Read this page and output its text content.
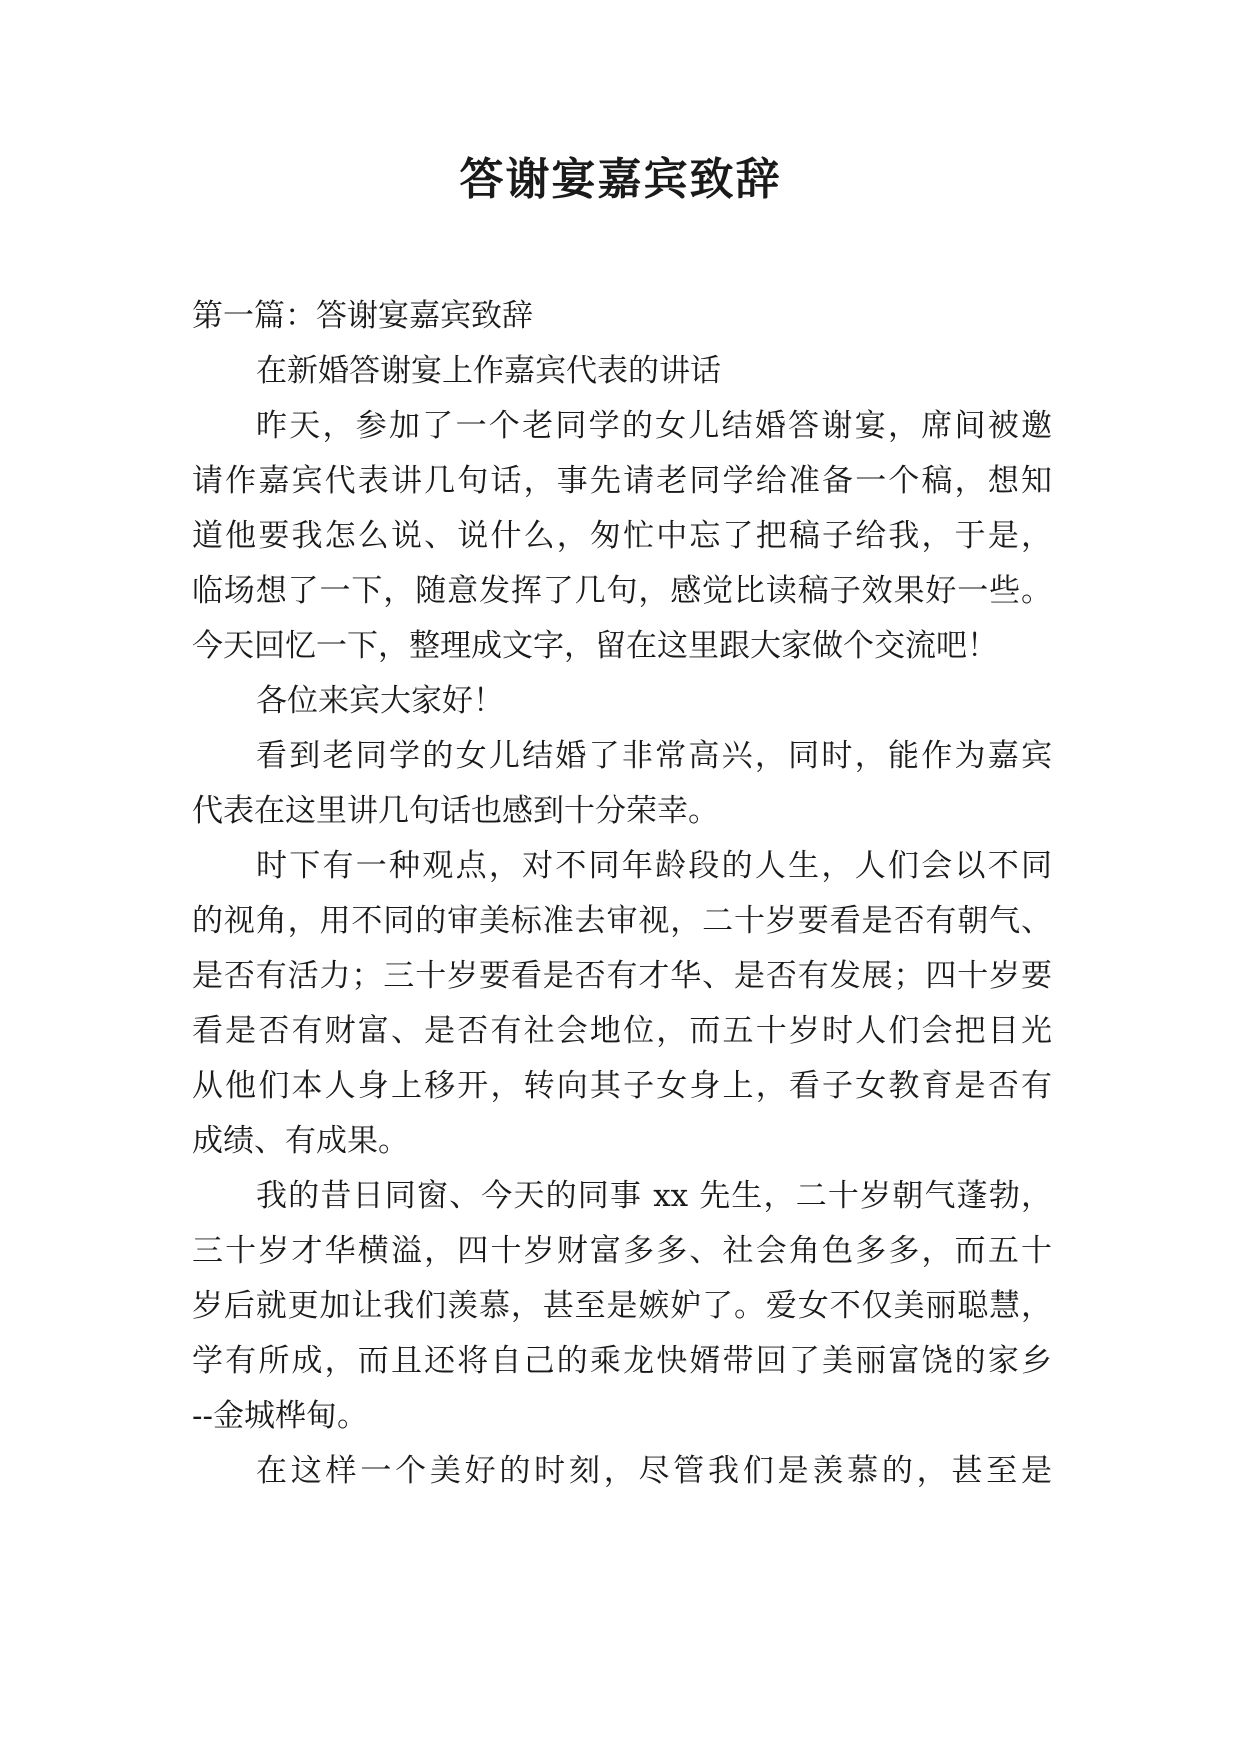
答谢宴嘉宾致辞
第一篇：答谢宴嘉宾致辞
在新婚答谢宴上作嘉宾代表的讲话
昨天，参加了一个老同学的女儿结婚答谢宴，席间被邀
请作嘉宾代表讲几句话，事先请老同学给准备一个稿，想知
道他要我怎么说、说什么，匆忙中忘了把稿子给我，于是，
临场想了一下，随意发挥了几句，感觉比读稿子效果好一些。
今天回忆一下，整理成文字，留在这里跟大家做个交流吧！
各位来宾大家好！
看到老同学的女儿结婚了非常高兴，同时，能作为嘉宾
代表在这里讲几句话也感到十分荣幸。
时下有一种观点，对不同年龄段的人生，人们会以不同
的视角，用不同的审美标准去审视，二十岁要看是否有朝气、
是否有活力；三十岁要看是否有才华、是否有发展；四十岁要
看是否有财富、是否有社会地位，而五十岁时人们会把目光
从他们本人身上移开，转向其子女身上，看子女教育是否有
成绩、有成果。
我的昔日同窗、今天的同事 xx 先生，二十岁朝气蓬勃，
三十岁才华横溢，四十岁财富多多、社会角色多多，而五十
岁后就更加让我们羡慕，甚至是嫉妒了。爱女不仅美丽聪慧，
学有所成，而且还将自己的乘龙快婿带回了美丽富饶的家乡
--金城桦甸。
在这样一个美好的时刻，尽管我们是羡慕的，甚至是
